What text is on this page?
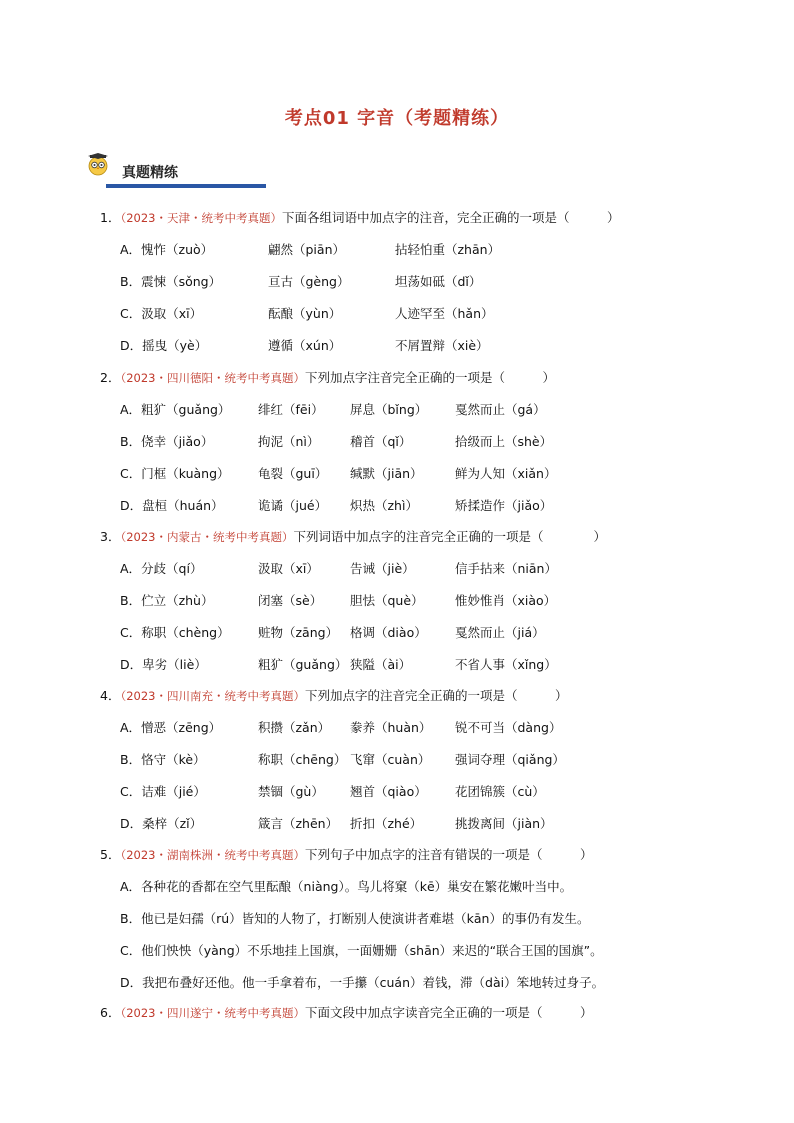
考点01 字音（考题精练）
真题精练
1．（2023・天津・统考中考真题）下面各组词语中加点字的注音，完全正确的一项是（　　　）
A．愧怍（zuò）	翩然（piān）	拈轻怕重（zhān）
B．震悚（sǒng）	亘古（gèng）	坦荡如砥（dǐ）
C．汲取（xī）	酝酿（yùn）	人迹罕至（hǎn）
D．摇曳（yè）	遵循（xún）	不屑置辩（xiè）
2．（2023・四川德阳・统考中考真题）下列加点字注音完全正确的一项是（　　　）
A．粗犷（guǎng） 绯红（fēi） 屏息（bǐng） 戛然而止（gá）
B．侥幸（jiǎo）	拘泥（nì） 稽首（qǐ）	拾级而上（shè）
C．门框（kuàng） 龟裂（guī） 缄默（jiān）	鲜为人知（xiǎn）
D．盘桓（huán）	诡谲（jué） 炽热（zhì）	矫揉造作（jiǎo）
3．（2023・内蒙古・统考中考真题）下列词语中加点字的注音完全正确的一项是（　　　　）
A．分歧（qí）	汲取（xī） 告诫（jiè）	信手拈来（niān）
B．伫立（zhù）	闭塞（sè） 胆怯（què）	惟妙惟肖（xiào）
C．称职（chèng） 赃物（zāng） 格调（diào） 戛然而止（jiá）
D．卑劣（liè）	粗犷（guǎng） 狭隘（ài）	不省人事（xǐng）
4．（2023・四川南充・统考中考真题）下列加点字的注音完全正确的一项是（　　　）
A．憎恶（zēng）	积攒（zǎn） 豢养（huàn） 锐不可当（dàng）
B．恪守（kè）	称职（chēng） 飞窜（cuàn） 强词夺理（qiǎng）
C．诘难（jié）	禁锢（gù） 翘首（qiào） 花团锦簇（cù）
D．桑梓（zǐ）	箴言（zhēn） 折扣（zhé）	挑拨离间（jiàn）
5．（2023・湖南株洲・统考中考真题）下列句子中加点字的注音有错误的一项是（　　　）
A．各种花的香都在空气里酝酿（niàng）。鸟儿将窠（kē）巢安在繁花嫩叶当中。
B．他已是妇孺（rú）皆知的人物了，打断别人使演讲者难堪（kān）的事仍有发生。
C．他们怏怏（yàng）不乐地挂上国旗，一面姗姗（shān）来迟的“联合王国的国旗”。
D．我把布叠好还他。他一手拿着布，一手攥（cuán）着钱，滞（dài）笨地转过身子。
6．（2023・四川遂宁・统考中考真题）下面文段中加点字读音完全正确的一项是（　　　）
